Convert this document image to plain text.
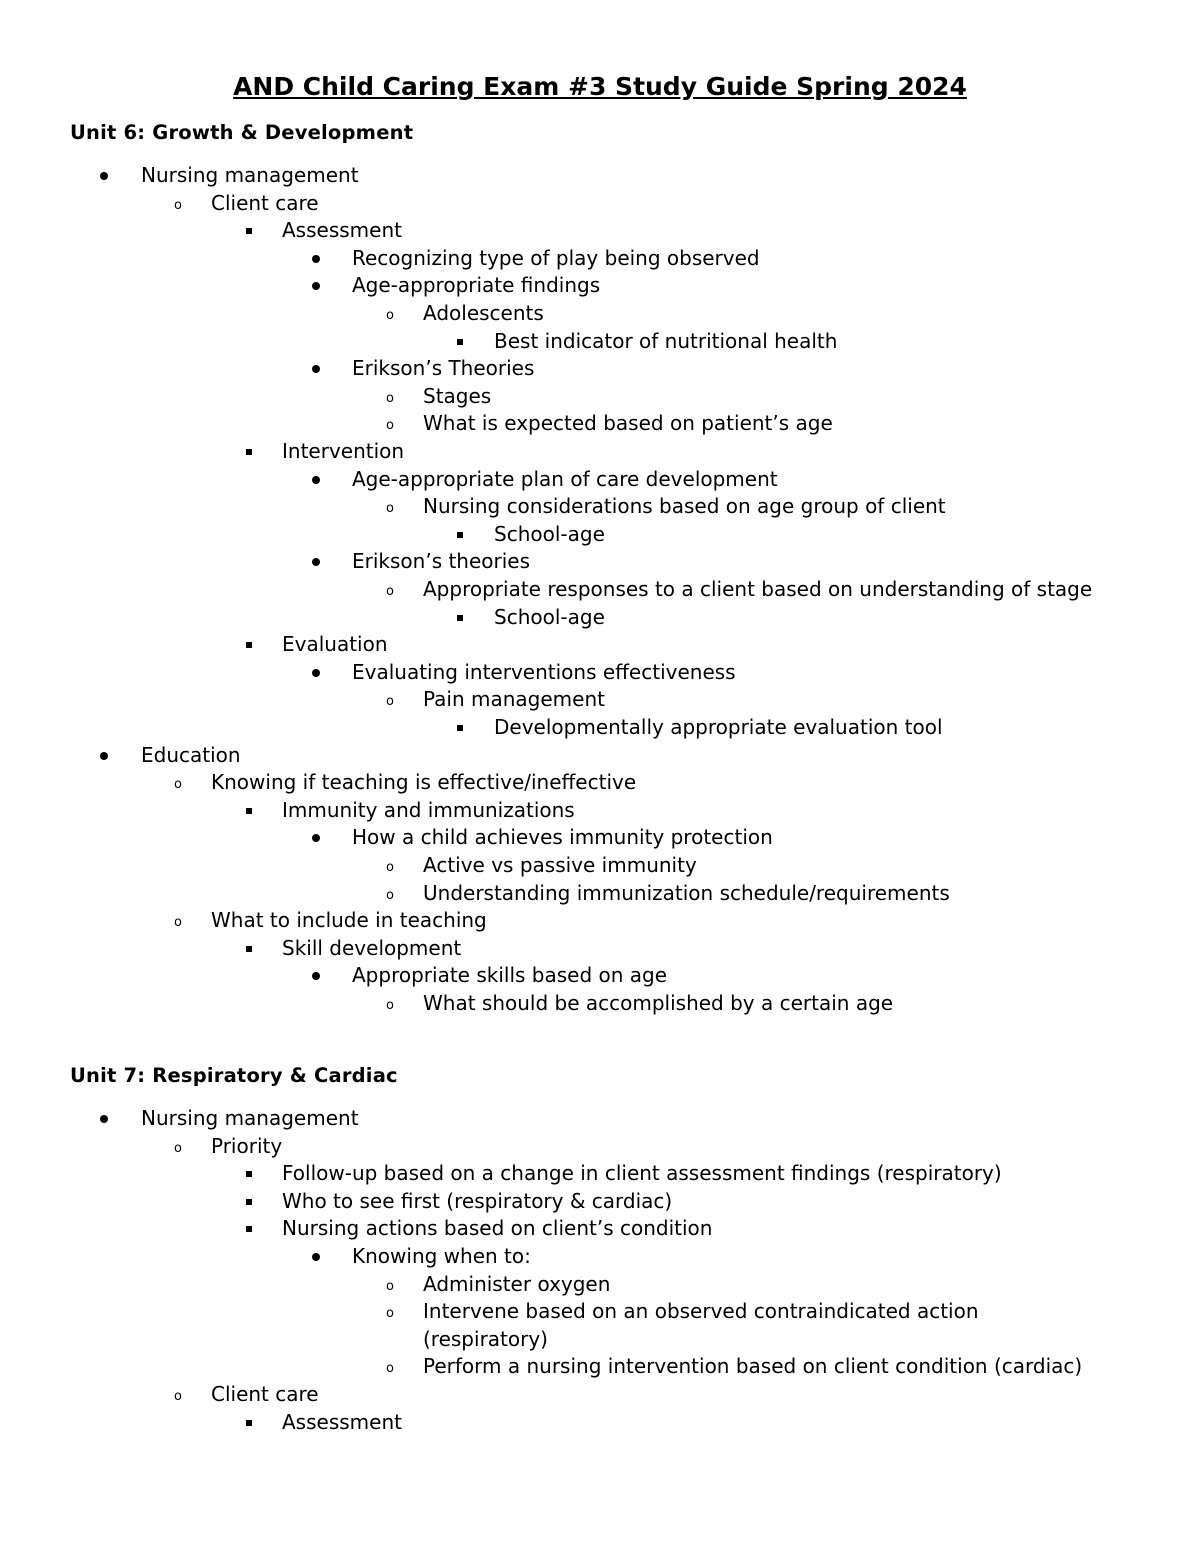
AND Child Caring Exam #3 Study Guide Spring 2024
Unit 6: Growth & Development
Nursing management
o Client care
Assessment
Recognizing type of play being observed
Age-appropriate findings
o Adolescents
Best indicator of nutritional health
Erikson’s Theories
o Stages
o What is expected based on patient’s age
Intervention
Age-appropriate plan of care development
o Nursing considerations based on age group of client
School-age
Erikson’s theories
o Appropriate responses to a client based on understanding of stage
School-age
Evaluation
Evaluating interventions effectiveness
o Pain management
Developmentally appropriate evaluation tool
Education
o Knowing if teaching is effective/ineffective
Immunity and immunizations
How a child achieves immunity protection
o Active vs passive immunity
o Understanding immunization schedule/requirements
o What to include in teaching
Skill development
Appropriate skills based on age
o What should be accomplished by a certain age
Unit 7: Respiratory & Cardiac
Nursing management
o Priority
Follow-up based on a change in client assessment findings (respiratory)
Who to see first (respiratory & cardiac)
Nursing actions based on client’s condition
Knowing when to:
o Administer oxygen
o Intervene based on an observed contraindicated action (respiratory)
o Perform a nursing intervention based on client condition (cardiac)
o Client care
Assessment
